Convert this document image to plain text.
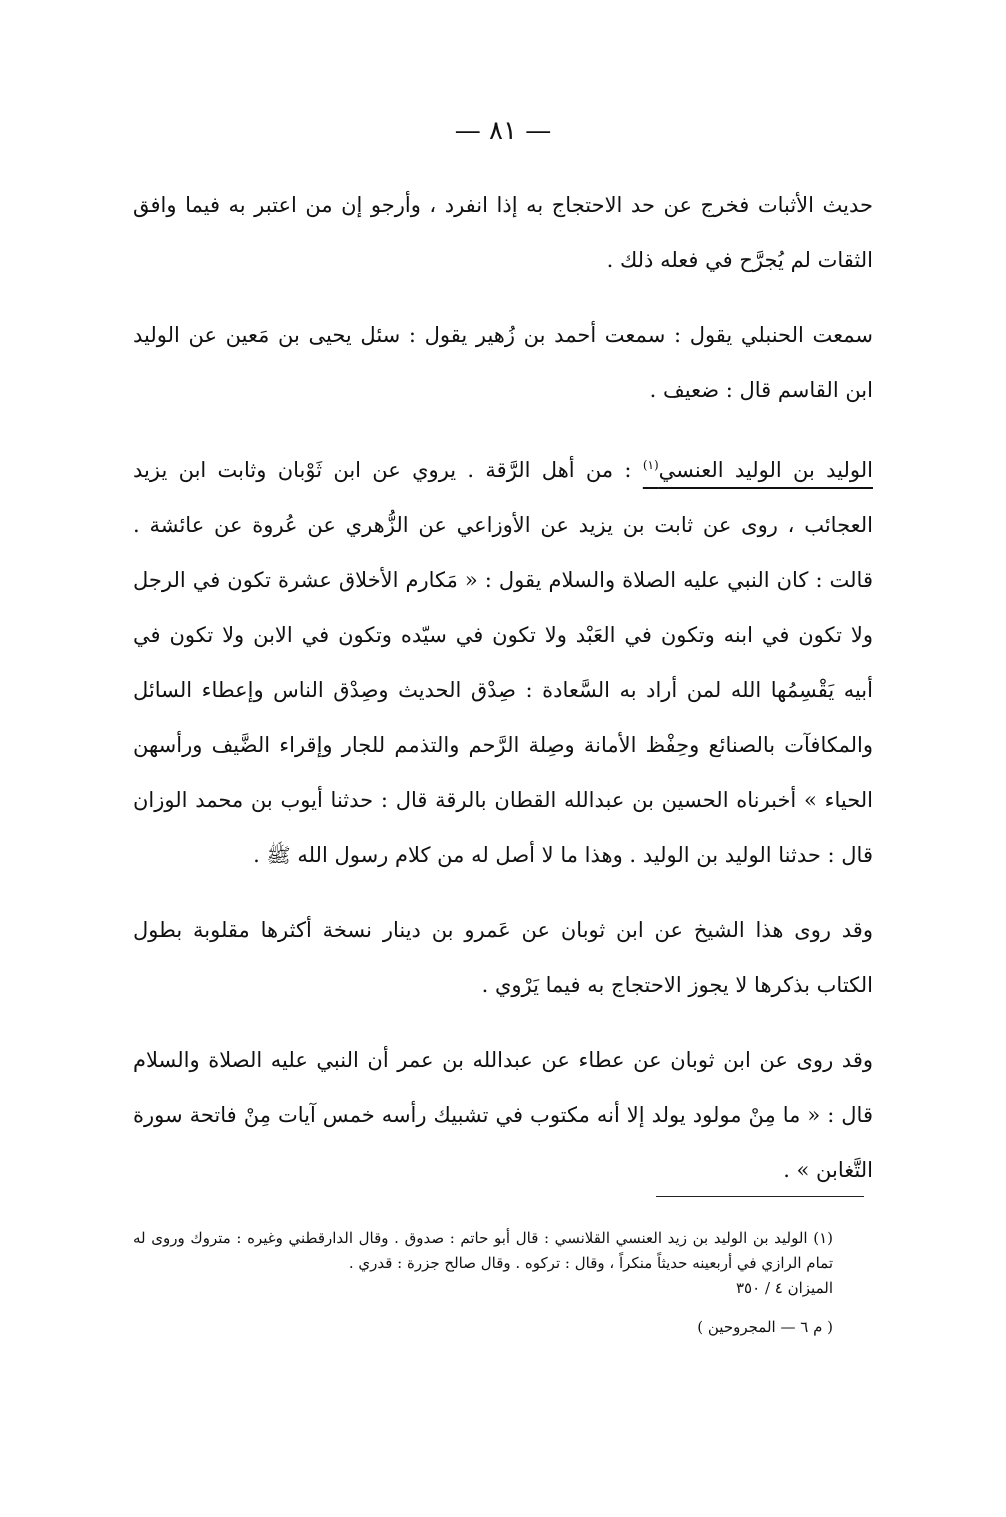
— ٨١ —

حديث الأثبات فخرج عن حد الاحتجاج به إذا انفرد ، وأرجو إن من اعتبر به فيما وافق الثقات لم يُجرَّح في فعله ذلك .

سمعت الحنبلي يقول : سمعت أحمد بن زُهير يقول : سئل يحيى بن مَعين عن الوليد ابن القاسم قال : ضعيف .

الوليد بن الوليد العنسي$^{(١)}$ : من أهل الرَّقة . يروي عن ابن ثَوْبان وثابت ابن يزيد العجائب ، روى عن ثابت بن يزيد عن الأوزاعي عن الزُّهري عن عُروة عن عائشة . قالت : كان النبي عليه الصلاة والسلام يقول : « مَكارم الأخلاق عشرة تكون في الرجل ولا تكون في ابنه وتكون في العَبْد ولا تكون في سيّده وتكون في الابن ولا تكون في أبيه يَقْسِمُها الله لمن أراد به السَّعادة : صِدْق الحديث وصِدْق الناس وإعطاء السائل والمكافآت بالصنائع وحِفْظ الأمانة وصِلة الرَّحم والتذمم للجار وإقراء الضَّيف ورأسهن الحياء » أخبرناه الحسين بن عبدالله القطان بالرقة قال : حدثنا أيوب بن محمد الوزان قال : حدثنا الوليد بن الوليد . وهذا ما لا أصل له من كلام رسول الله ﷺ .

وقد روى هذا الشيخ عن ابن ثوبان عن عَمرو بن دينار نسخة أكثرها مقلوبة بطول الكتاب بذكرها لا يجوز الاحتجاج به فيما يَرْوي .

وقد روى عن ابن ثوبان عن عطاء عن عبدالله بن عمر أن النبي عليه الصلاة والسلام قال : « ما مِنْ مولود يولد إلا أنه مكتوب في تشبيك رأسه خمس آيات مِنْ فاتحة سورة التَّغابن » .

(١) الوليد بن الوليد بن زيد العنسي القلانسي : قال أبو حاتم : صدوق . وقال الدارقطني وغيره : متروك وروى له تمام الرازي في أربعينه حديثاً منكراً ، وقال : تركوه . وقال صالح جزرة : قدري .

الميزان ٤ / ٣٥٠

( م ٦ — المجروحين )
